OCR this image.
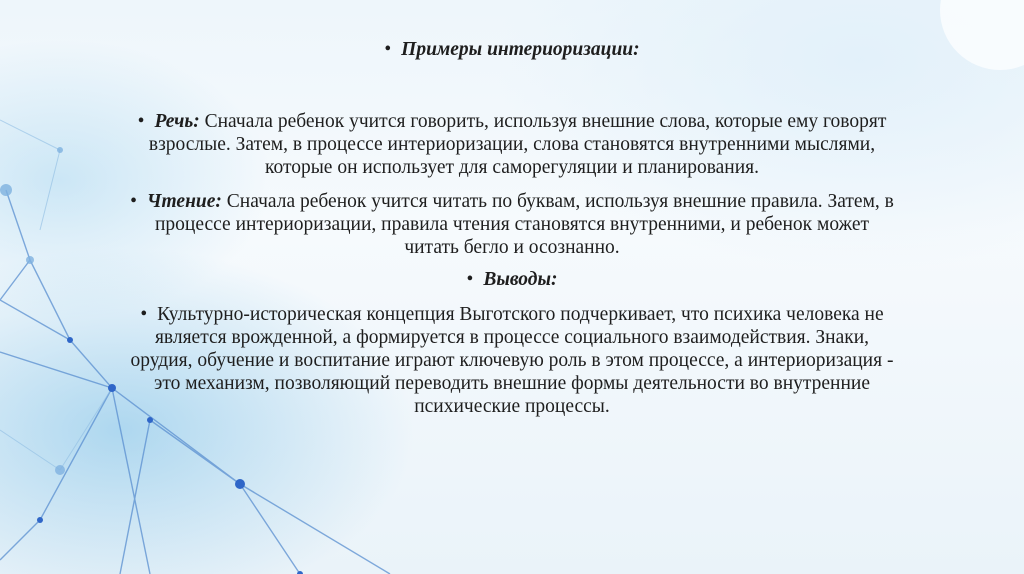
• Примеры интериоризации:
• Речь: Сначала ребенок учится говорить, используя внешние слова, которые ему говорят
взрослые. Затем, в процессе интериоризации, слова становятся внутренними мыслями,
которые он использует для саморегуляции и планирования.
• Чтение: Сначала ребенок учится читать по буквам, используя внешние правила. Затем, в
процессе интериоризации, правила чтения становятся внутренними, и ребенок может
читать бегло и осознанно.
• Выводы:
• Культурно-историческая концепция Выготского подчеркивает, что психика человека не
является врожденной, а формируется в процессе социального взаимодействия. Знаки,
орудия, обучение и воспитание играют ключевую роль в этом процессе, а интериоризация -
это механизм, позволяющий переводить внешние формы деятельности во внутренние
психические процессы.
